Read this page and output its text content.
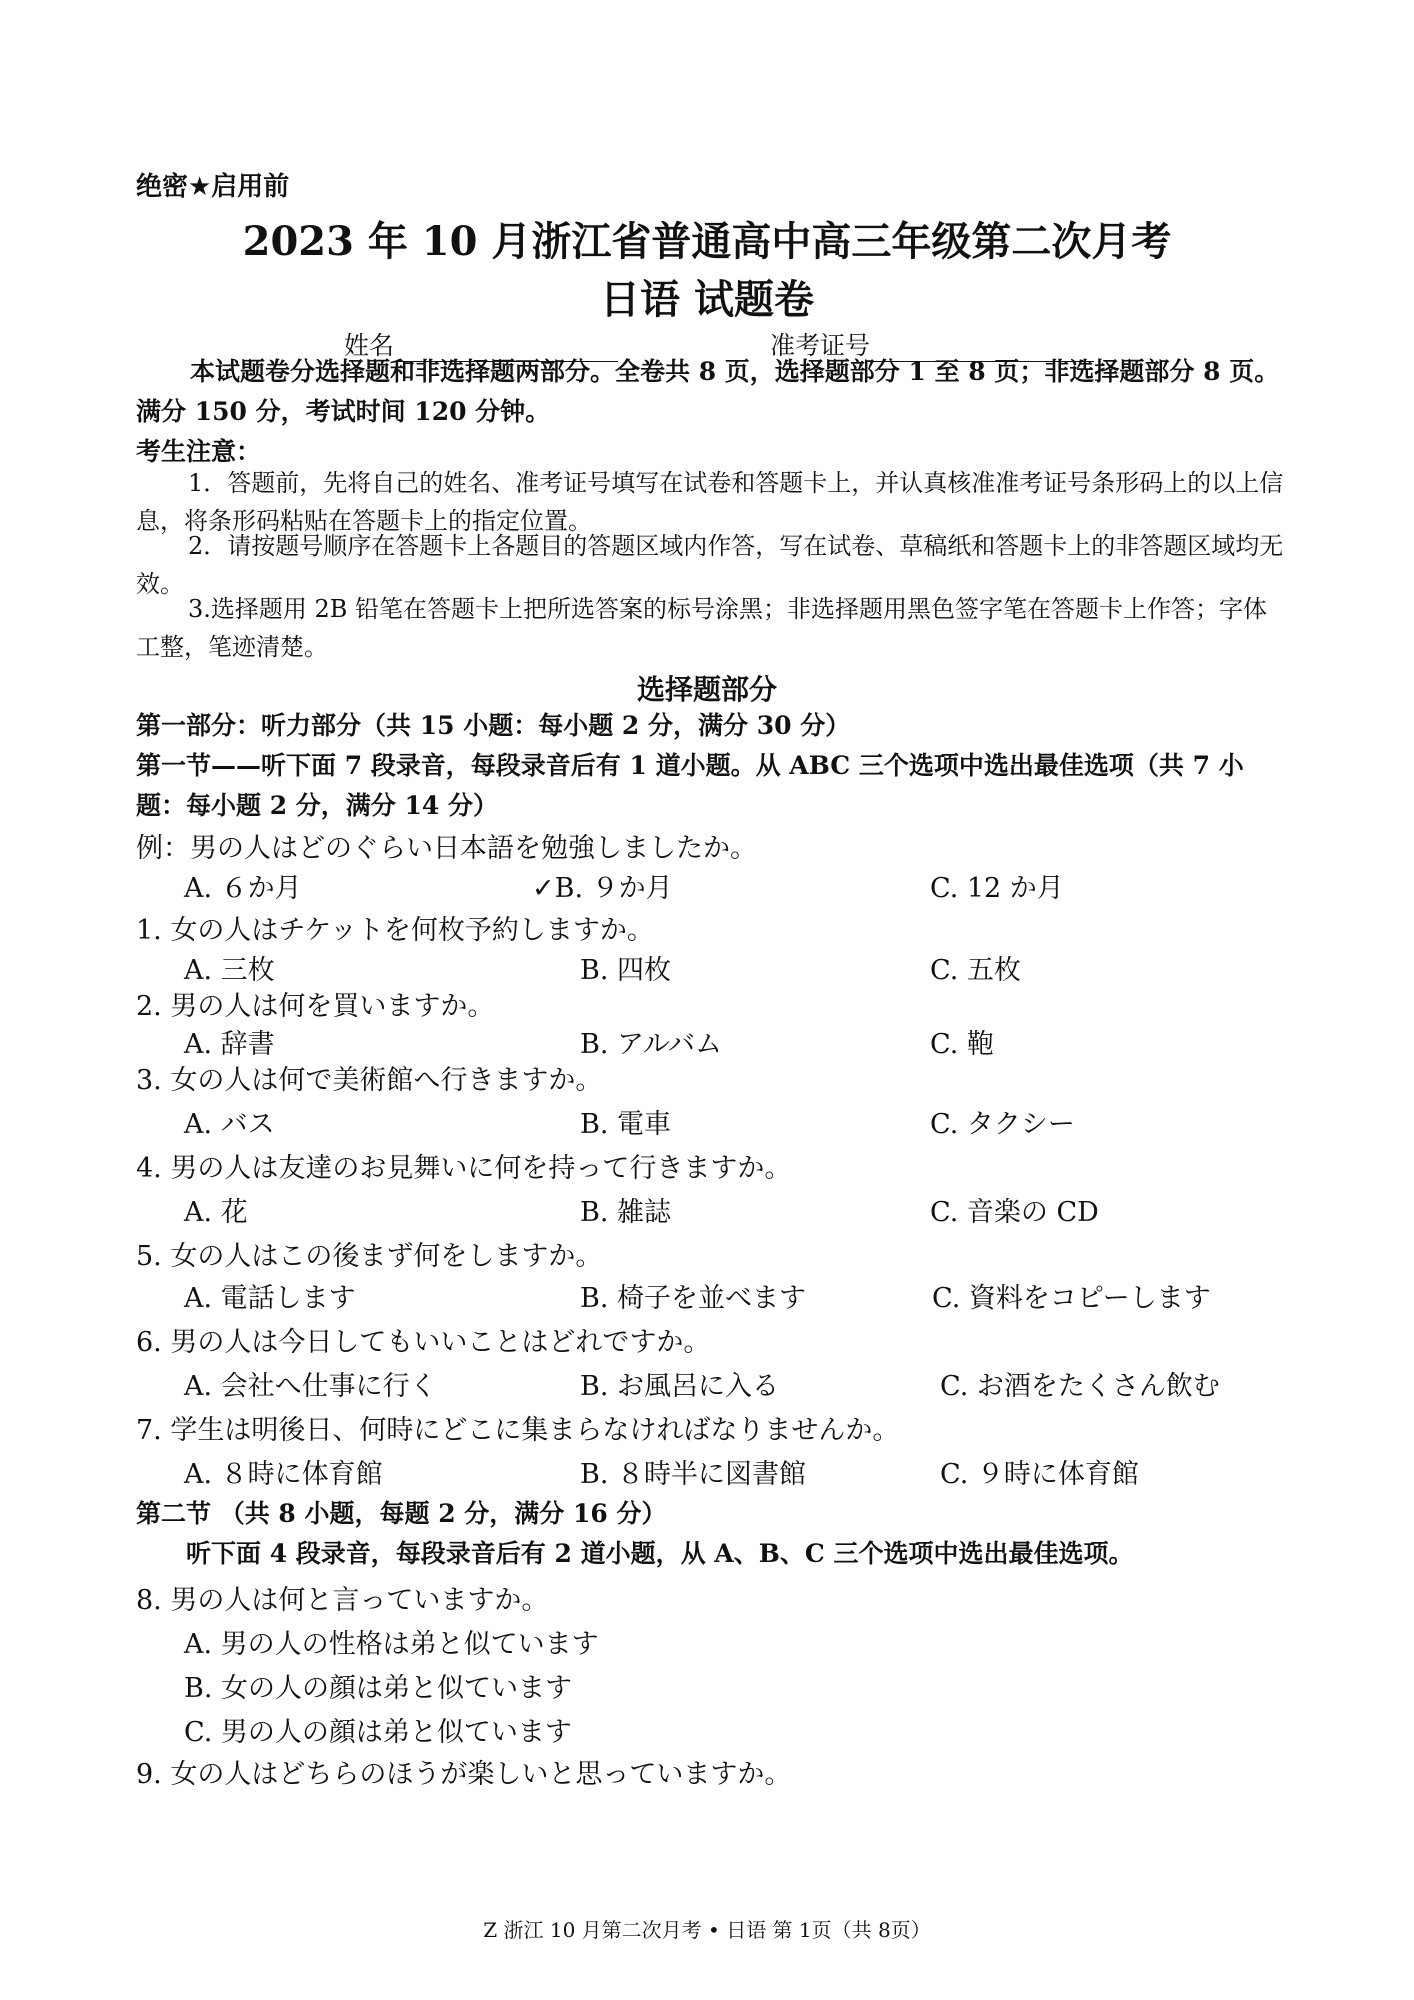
绝密★启用前
2023 年 10 月浙江省普通高中高三年级第二次月考
日语 试题卷
姓名	准考证号
本试题卷分选择题和非选择题两部分。全卷共 8 页，选择题部分 1 至 8 页；非选择题部分 8 页。满分 150 分，考试时间 120 分钟。
考生注意：
1．答题前，先将自己的姓名、准考证号填写在试卷和答题卡上，并认真核准准考证号条形码上的以上信息，将条形码粘贴在答题卡上的指定位置。
2．请按题号顺序在答题卡上各题目的答题区域内作答，写在试卷、草稿纸和答题卡上的非答题区域均无效。
3.选择题用 2B 铅笔在答题卡上把所选答案的标号涂黑；非选择题用黑色签字笔在答题卡上作答；字体工整，笔迹清楚。
选择题部分
第一部分：听力部分（共 15 小题：每小题 2 分，满分 30 分）
第一节——听下面 7 段录音，每段录音后有 1 道小题。从 ABC 三个选项中选出最佳选项（共 7 小题：每小题 2 分，满分 14 分）
例：男の人はどのぐらい日本語を勉強しましたか。
A. ６か月	✓B. ９か月	C. 12 か月
1. 女の人はチケットを何枚予約しますか。
A. 三枚	B. 四枚	C. 五枚
2. 男の人は何を買いますか。
A. 辞書	B. アルバム	C. 鞄
3. 女の人は何で美術館へ行きますか。
A. バス	B. 電車	C. タクシー
4. 男の人は友達のお見舞いに何を持って行きますか。
A. 花	B. 雑誌	C. 音楽の CD
5. 女の人はこの後まず何をしますか。
A. 電話します	B. 椅子を並べます	C. 資料をコピーします
6. 男の人は今日してもいいことはどれですか。
A. 会社へ仕事に行く	B. お風呂に入る	C. お酒をたくさん飲む
7. 学生は明後日、何時にどこに集まらなければなりませんか。
A. ８時に体育館	B. ８時半に図書館	C. ９時に体育館
第二节 （共 8 小题，每题 2 分，满分 16 分）
听下面 4 段录音，每段录音后有 2 道小题，从 A、B、C 三个选项中选出最佳选项。
8. 男の人は何と言っていますか。
A. 男の人の性格は弟と似ています
B. 女の人の顔は弟と似ています
C. 男の人の顔は弟と似ています
9. 女の人はどちらのほうが楽しいと思っていますか。
Z 浙江 10 月第二次月考 • 日语 第 1页（共 8页）
